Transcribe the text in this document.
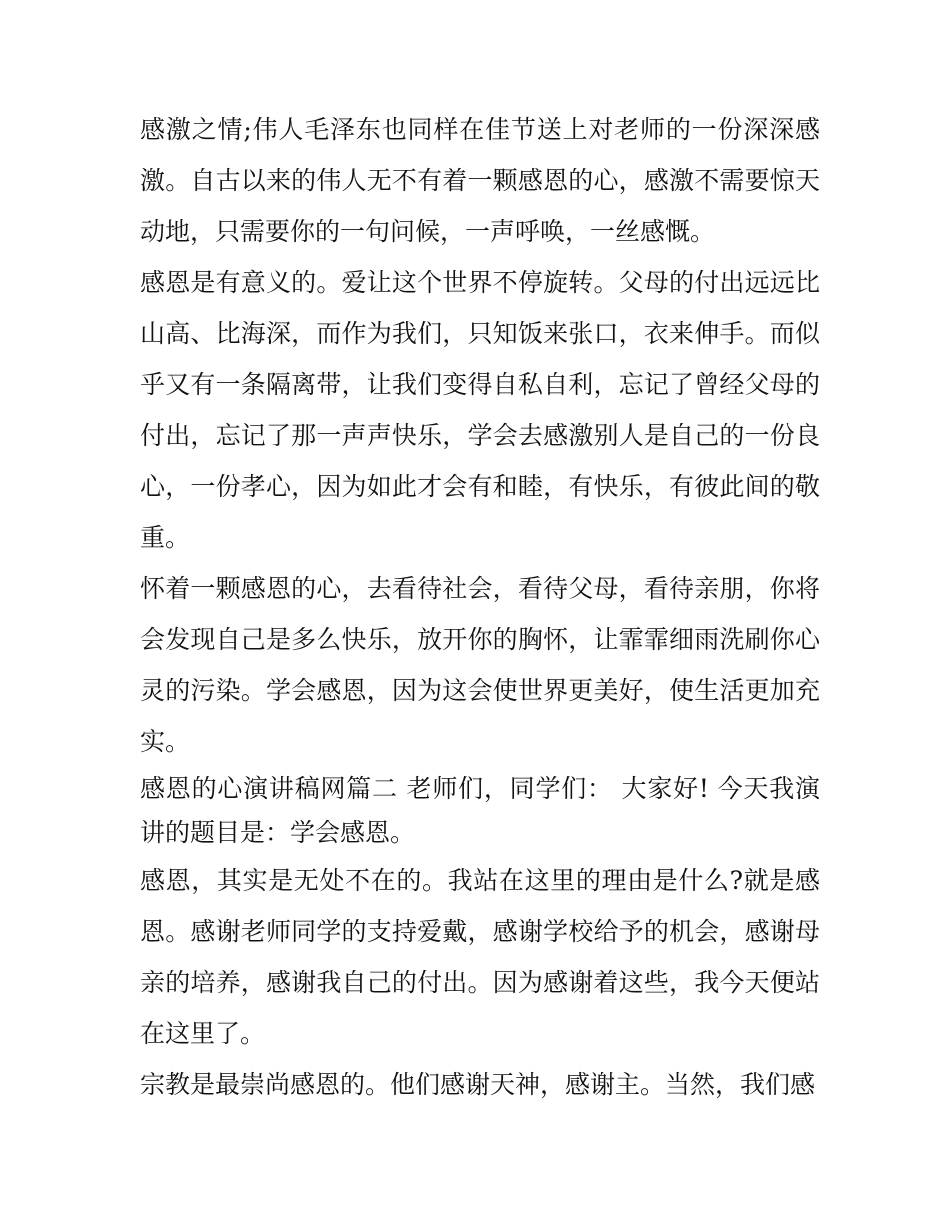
感激之情;伟人毛泽东也同样在佳节送上对老师的一份深深感激。自古以来的伟人无不有着一颗感恩的心，感激不需要惊天动地，只需要你的一句问候，一声呼唤，一丝感慨。

感恩是有意义的。爱让这个世界不停旋转。父母的付出远远比山高、比海深，而作为我们，只知饭来张口，衣来伸手。而似乎又有一条隔离带，让我们变得自私自利，忘记了曾经父母的付出，忘记了那一声声快乐，学会去感激别人是自己的一份良心，一份孝心，因为如此才会有和睦，有快乐，有彼此间的敬重。

怀着一颗感恩的心，去看待社会，看待父母，看待亲朋，你将会发现自己是多么快乐，放开你的胸怀，让霏霏细雨洗刷你心灵的污染。学会感恩，因为这会使世界更美好，使生活更加充实。

感恩的心演讲稿网篇二 老师们，同学们： 大家好! 今天我演讲的题目是：学会感恩。

感恩，其实是无处不在的。我站在这里的理由是什么?就是感恩。感谢老师同学的支持爱戴，感谢学校给予的机会，感谢母亲的培养，感谢我自己的付出。因为感谢着这些，我今天便站在这里了。

宗教是最崇尚感恩的。他们感谢天神，感谢主。当然，我们感
